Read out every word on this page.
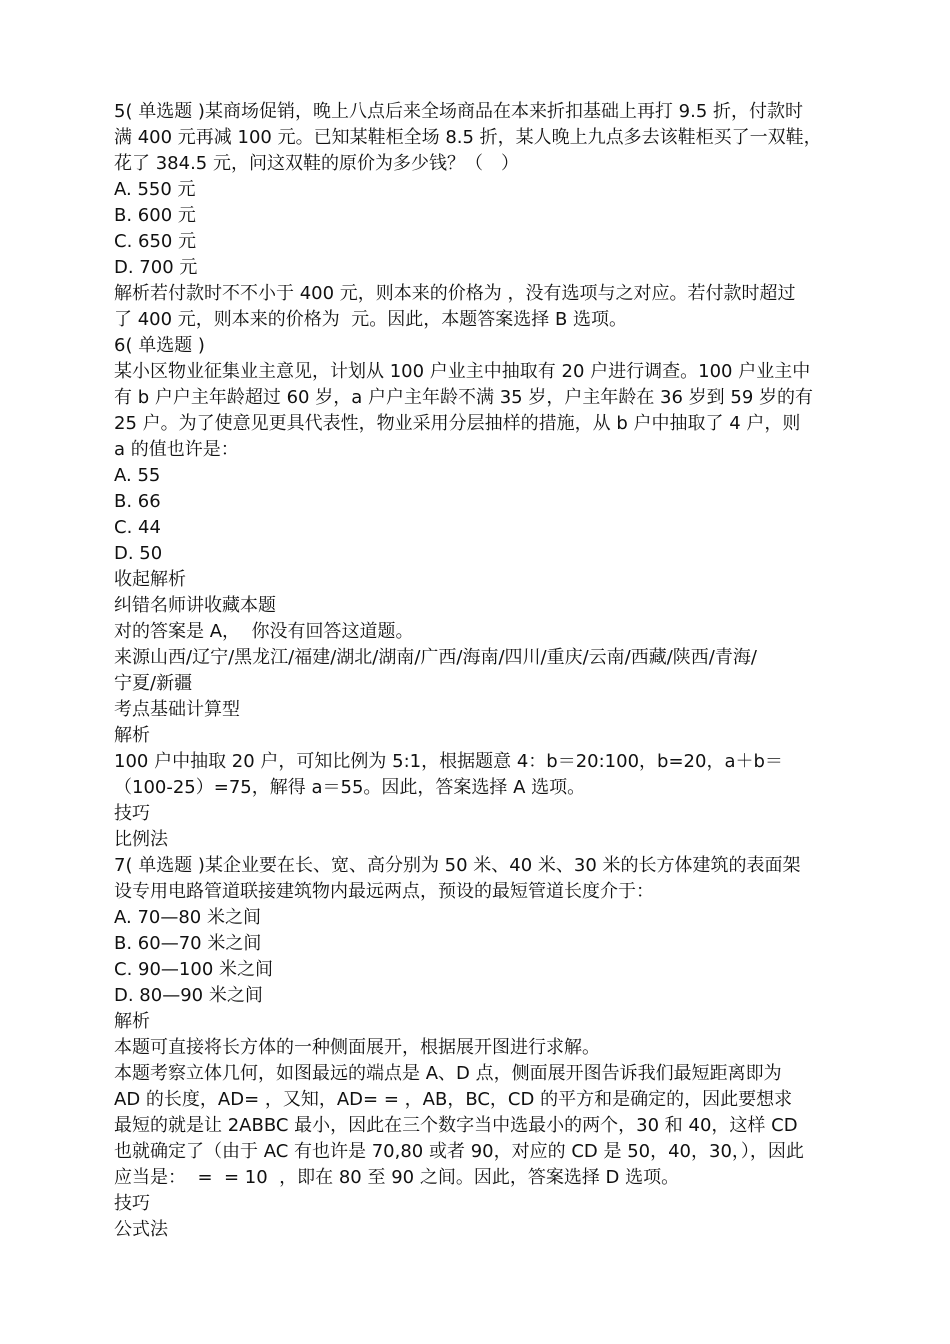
5( 单选题 )某商场促销，晚上八点后来全场商品在本来折扣基础上再打 9.5 折，付款时
满 400 元再减 100 元。已知某鞋柜全场 8.5 折，某人晚上九点多去该鞋柜买了一双鞋，
花了 384.5 元，问这双鞋的原价为多少钱？（　）
A. 550 元
B. 600 元
C. 650 元
D. 700 元
解析若付款时不不小于 400 元，则本来的价格为 ，没有选项与之对应。若付款时超过
了 400 元，则本来的价格为  元。因此，本题答案选择 B 选项。
6( 单选题 )
某小区物业征集业主意见，计划从 100 户业主中抽取有 20 户进行调查。100 户业主中
有 b 户户主年龄超过 60 岁，a 户户主年龄不满 35 岁，户主年龄在 36 岁到 59 岁的有
25 户。为了使意见更具代表性，物业采用分层抽样的措施，从 b 户中抽取了 4 户，则
a 的值也许是：
A. 55
B. 66
C. 44
D. 50
收起解析
纠错名师讲收藏本题
对的答案是 A，  你没有回答这道题。
来源山西/辽宁/黑龙江/福建/湖北/湖南/广西/海南/四川/重庆/云南/西藏/陕西/青海/
宁夏/新疆
考点基础计算型
解析
100 户中抽取 20 户，可知比例为 5:1，根据题意 4：b＝20:100，b=20，a＋b＝
（100-25）=75，解得 a＝55。因此，答案选择 A 选项。
技巧
比例法
7( 单选题 )某企业要在长、宽、高分别为 50 米、40 米、30 米的长方体建筑的表面架
设专用电路管道联接建筑物内最远两点，预设的最短管道长度介于：
A. 70—80 米之间
B. 60—70 米之间
C. 90—100 米之间
D. 80—90 米之间
解析
本题可直接将长方体的一种侧面展开，根据展开图进行求解。
本题考察立体几何，如图最远的端点是 A、D 点，侧面展开图告诉我们最短距离即为
AD 的长度，AD= ，又知，AD= = ，AB，BC，CD 的平方和是确定的，因此要想求
最短的就是让 2ABBC 最小，因此在三个数字当中选最小的两个，30 和 40，这样 CD
也就确定了（由于 AC 有也许是 70,80 或者 90，对应的 CD 是 50，40，30，），因此
应当是：  =  = 10  ，即在 80 至 90 之间。因此，答案选择 D 选项。
技巧
公式法
